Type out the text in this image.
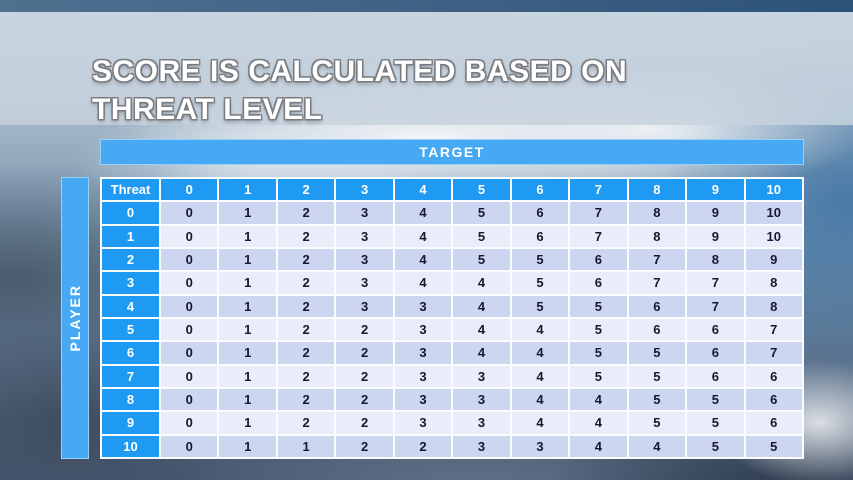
SCORE IS CALCULATED BASED ON
THREAT LEVEL
TARGET
PLAYER
Threat	0	1	2	3	4	5	6	7	8	9	10
0	0	1	2	3	4	5	6	7	8	9	10
1	0	1	2	3	4	5	6	7	8	9	10
2	0	1	2	3	4	5	5	6	7	8	9
3	0	1	2	3	4	4	5	6	7	7	8
4	0	1	2	3	3	4	5	5	6	7	8
5	0	1	2	2	3	4	4	5	6	6	7
6	0	1	2	2	3	4	4	5	5	6	7
7	0	1	2	2	3	3	4	5	5	6	6
8	0	1	2	2	3	3	4	4	5	5	6
9	0	1	2	2	3	3	4	4	5	5	6
10	0	1	1	2	2	3	3	4	4	5	5
